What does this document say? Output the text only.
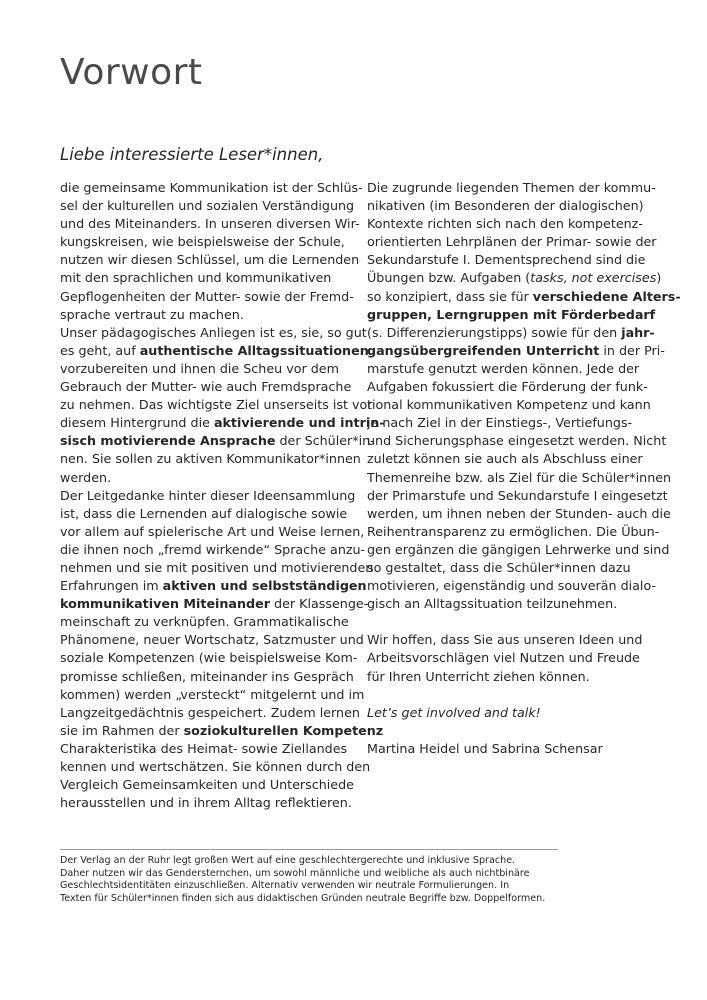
Vorwort

Liebe interessierte Leser*innen,

die gemeinsame Kommunikation ist der Schlüs-
sel der kulturellen und sozialen Verständigung
und des Miteinanders. In unseren diversen Wir-
kungskreisen, wie beispielsweise der Schule,
nutzen wir diesen Schlüssel, um die Lernenden
mit den sprachlichen und kommunikativen
Gepflogenheiten der Mutter- sowie der Fremd-
sprache vertraut zu machen.
Unser pädagogisches Anliegen ist es, sie, so gut
es geht, auf authentische Alltagssituationen
vorzubereiten und ihnen die Scheu vor dem
Gebrauch der Mutter- wie auch Fremdsprache
zu nehmen. Das wichtigste Ziel unserseits ist vor
diesem Hintergrund die aktivierende und intrin-
sisch motivierende Ansprache der Schüler*in-
nen. Sie sollen zu aktiven Kommunikator*innen
werden.
Der Leitgedanke hinter dieser Ideensammlung
ist, dass die Lernenden auf dialogische sowie
vor allem auf spielerische Art und Weise lernen,
die ihnen noch „fremd wirkende“ Sprache anzu-
nehmen und sie mit positiven und motivierenden
Erfahrungen im aktiven und selbstständigen
kommunikativen Miteinander der Klassenge-
meinschaft zu verknüpfen. Grammatikalische
Phänomene, neuer Wortschatz, Satzmuster und
soziale Kompetenzen (wie beispielsweise Kom-
promisse schließen, miteinander ins Gespräch
kommen) werden „versteckt“ mitgelernt und im
Langzeitgedächtnis gespeichert. Zudem lernen
sie im Rahmen der soziokulturellen Kompetenz
Charakteristika des Heimat- sowie Ziellandes
kennen und wertschätzen. Sie können durch den
Vergleich Gemeinsamkeiten und Unterschiede
herausstellen und in ihrem Alltag reflektieren.
Die zugrunde liegenden Themen der kommu-
nikativen (im Besonderen der dialogischen)
Kontexte richten sich nach den kompetenz-
orientierten Lehrplänen der Primar- sowie der
Sekundarstufe I. Dementsprechend sind die
Übungen bzw. Aufgaben (tasks, not exercises)
so konzipiert, dass sie für verschiedene Alters-
gruppen, Lerngruppen mit Förderbedarf
(s. Differenzierungstipps) sowie für den jahr-
gangsübergreifenden Unterricht in der Pri-
marstufe genutzt werden können. Jede der
Aufgaben fokussiert die Förderung der funk-
tional kommunikativen Kompetenz und kann
je nach Ziel in der Einstiegs-, Vertiefungs-
und Sicherungsphase eingesetzt werden. Nicht
zuletzt können sie auch als Abschluss einer
Themenreihe bzw. als Ziel für die Schüler*innen
der Primarstufe und Sekundarstufe I eingesetzt
werden, um ihnen neben der Stunden- auch die
Reihentransparenz zu ermöglichen. Die Übun-
gen ergänzen die gängigen Lehrwerke und sind
so gestaltet, dass die Schüler*innen dazu
motivieren, eigenständig und souverän dialo-
gisch an Alltagssituation teilzunehmen.
Wir hoffen, dass Sie aus unseren Ideen und
Arbeitsvorschlägen viel Nutzen und Freude
für Ihren Unterricht ziehen können.
Let’s get involved and talk!
Martina Heidel und Sabrina Schensar
Der Verlag an der Ruhr legt großen Wert auf eine geschlechtergerechte und inklusive Sprache.
Daher nutzen wir das Gendersternchen, um sowohl männliche und weibliche als auch nichtbinäre
Geschlechtsidentitäten einzuschließen. Alternativ verwenden wir neutrale Formulierungen. In
Texten für Schüler*innen finden sich aus didaktischen Gründen neutrale Begriffe bzw. Doppelformen.
